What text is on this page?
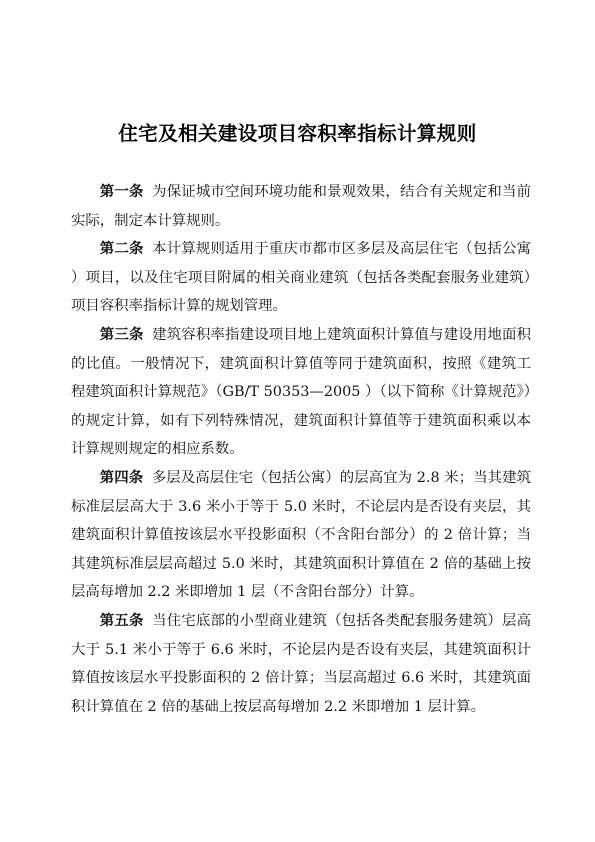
住宅及相关建设项目容积率指标计算规则

第一条 为保证城市空间环境功能和景观效果，结合有关规定和当前实际，制定本计算规则。

第二条 本计算规则适用于重庆市都市区多层及高层住宅（包括公寓）项目，以及住宅项目附属的相关商业建筑（包括各类配套服务业建筑）项目容积率指标计算的规划管理。

第三条 建筑容积率指建设项目地上建筑面积计算值与建设用地面积的比值。一般情况下，建筑面积计算值等同于建筑面积，按照《建筑工程建筑面积计算规范》（GB/T 50353—2005 ）（以下简称《计算规范》）的规定计算，如有下列特殊情况，建筑面积计算值等于建筑面积乘以本计算规则规定的相应系数。

第四条 多层及高层住宅（包括公寓）的层高宜为 2.8 米；当其建筑标准层层高大于 3.6 米小于等于 5.0 米时，不论层内是否设有夹层，其建筑面积计算值按该层水平投影面积（不含阳台部分）的 2 倍计算；当其建筑标准层层高超过 5.0 米时，其建筑面积计算值在 2 倍的基础上按层高每增加 2.2 米即增加 1 层（不含阳台部分）计算。

第五条 当住宅底部的小型商业建筑（包括各类配套服务建筑）层高大于 5.1 米小于等于 6.6 米时，不论层内是否设有夹层，其建筑面积计算值按该层水平投影面积的 2 倍计算；当层高超过 6.6 米时，其建筑面积计算值在 2 倍的基础上按层高每增加 2.2 米即增加 1 层计算。
